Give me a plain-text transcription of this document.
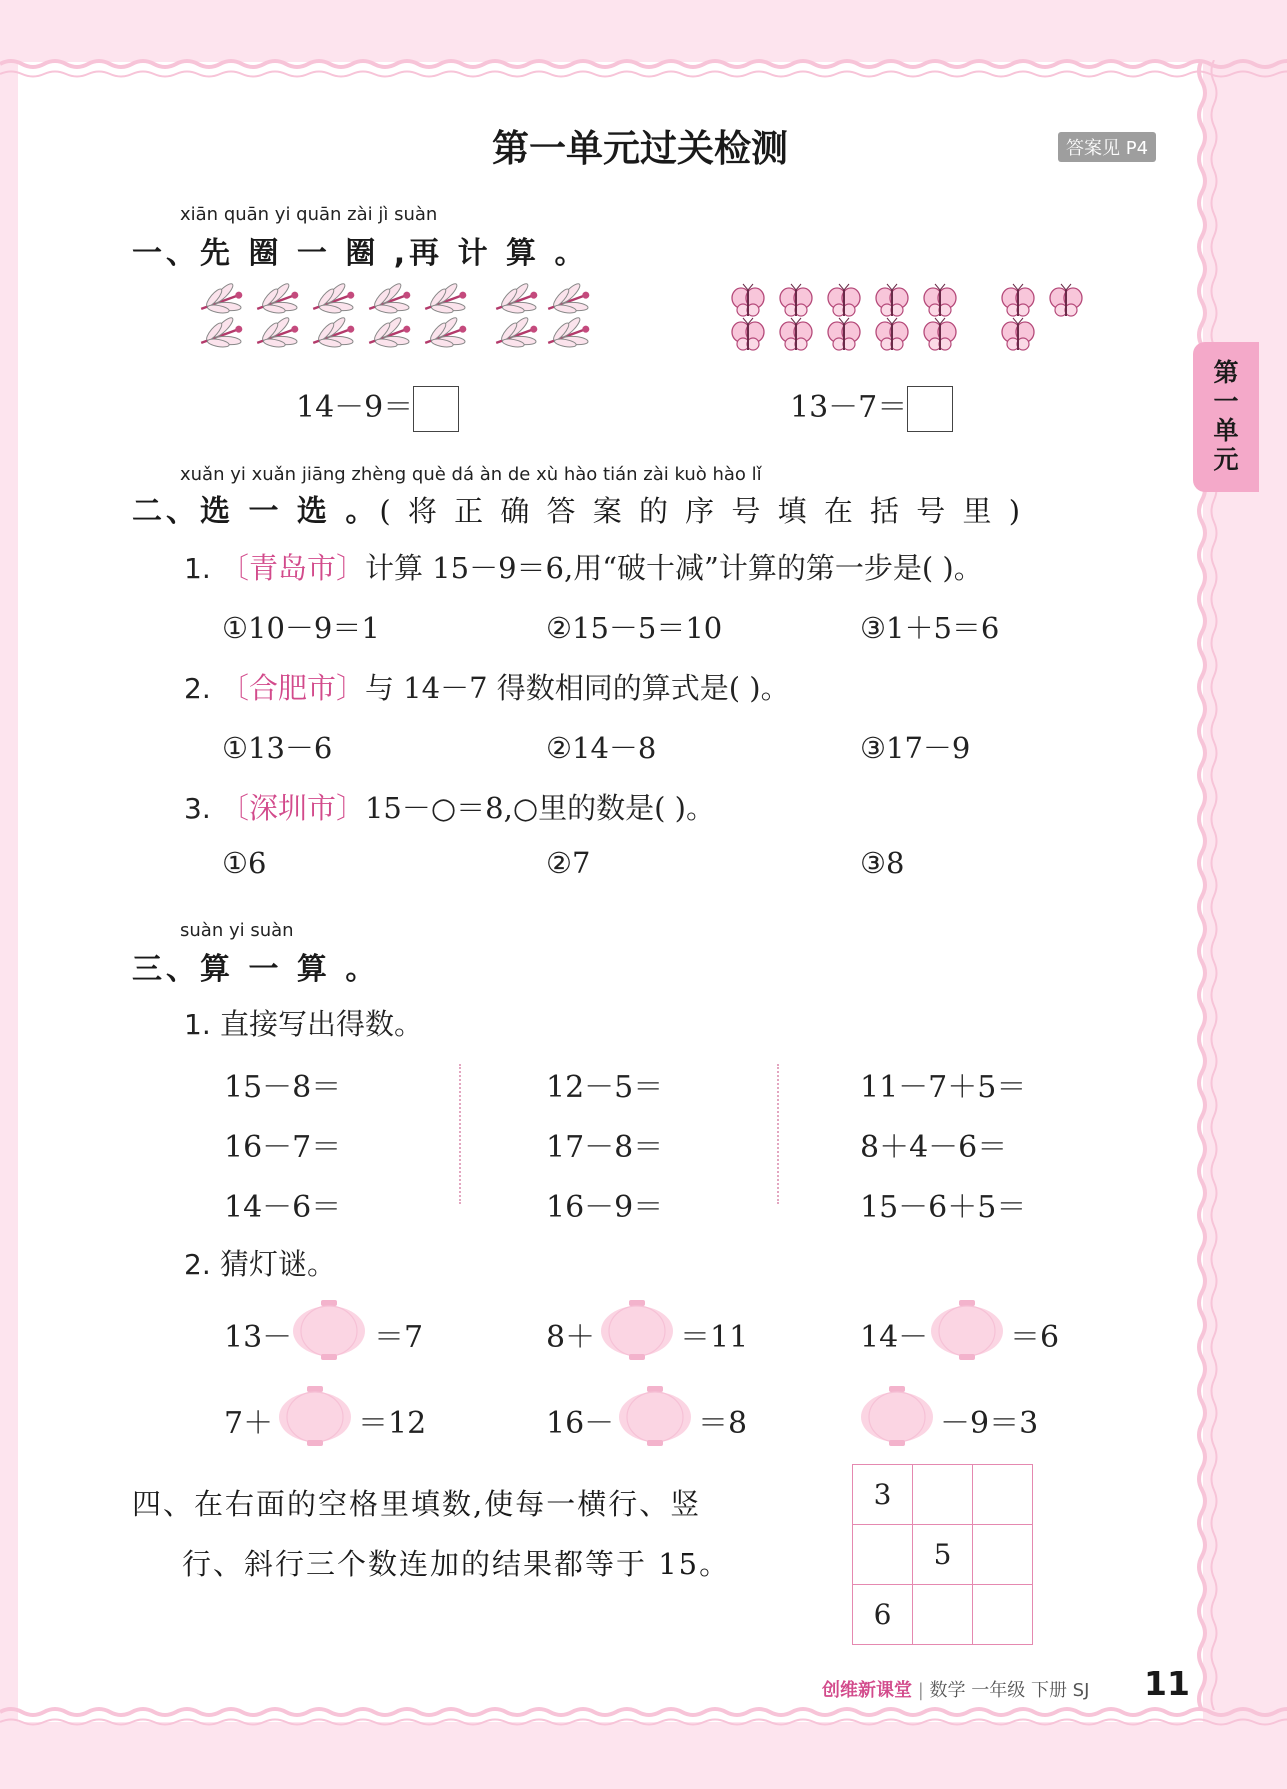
第一单元过关检测	答案见 P4
第
一
单
元
xiān quān yi quān zài jì suàn
一、先 圈 一 圈 ,再 计 算 。
14－9＝	13－7＝
xuǎn yi xuǎn jiāng zhèng què dá àn de xù hào tián zài kuò hào lǐ
二、选 一 选 。( 将 正 确 答 案 的 序 号 填 在 括 号 里 )
1. 〔青岛市〕计算 15－9＝6,用“破十减”计算的第一步是( )。
①10－9＝1	②15－5＝10	③1＋5＝6
2. 〔合肥市〕与 14－7 得数相同的算式是( )。
①13－6	②14－8	③17－9
3. 〔深圳市〕15－○＝8,○里的数是( )。
①6	②7	③8
suàn yi suàn
三、算 一 算 。
1. 直接写出得数。
15－8＝	12－5＝	11－7＋5＝
16－7＝	17－8＝	8＋4－6＝
14－6＝	16－9＝	15－6＋5＝
2. 猜灯谜。
13－	＝7	8＋	＝11	14－	＝6
7＋	＝12	16－	＝8	－9＝3
四、在右面的空格里填数,使每一横行、竖
行、斜行三个数连加的结果都等于 15。
3		
	5	
6		
创维新课堂 | 数学 一年级 下册 SJ 11
